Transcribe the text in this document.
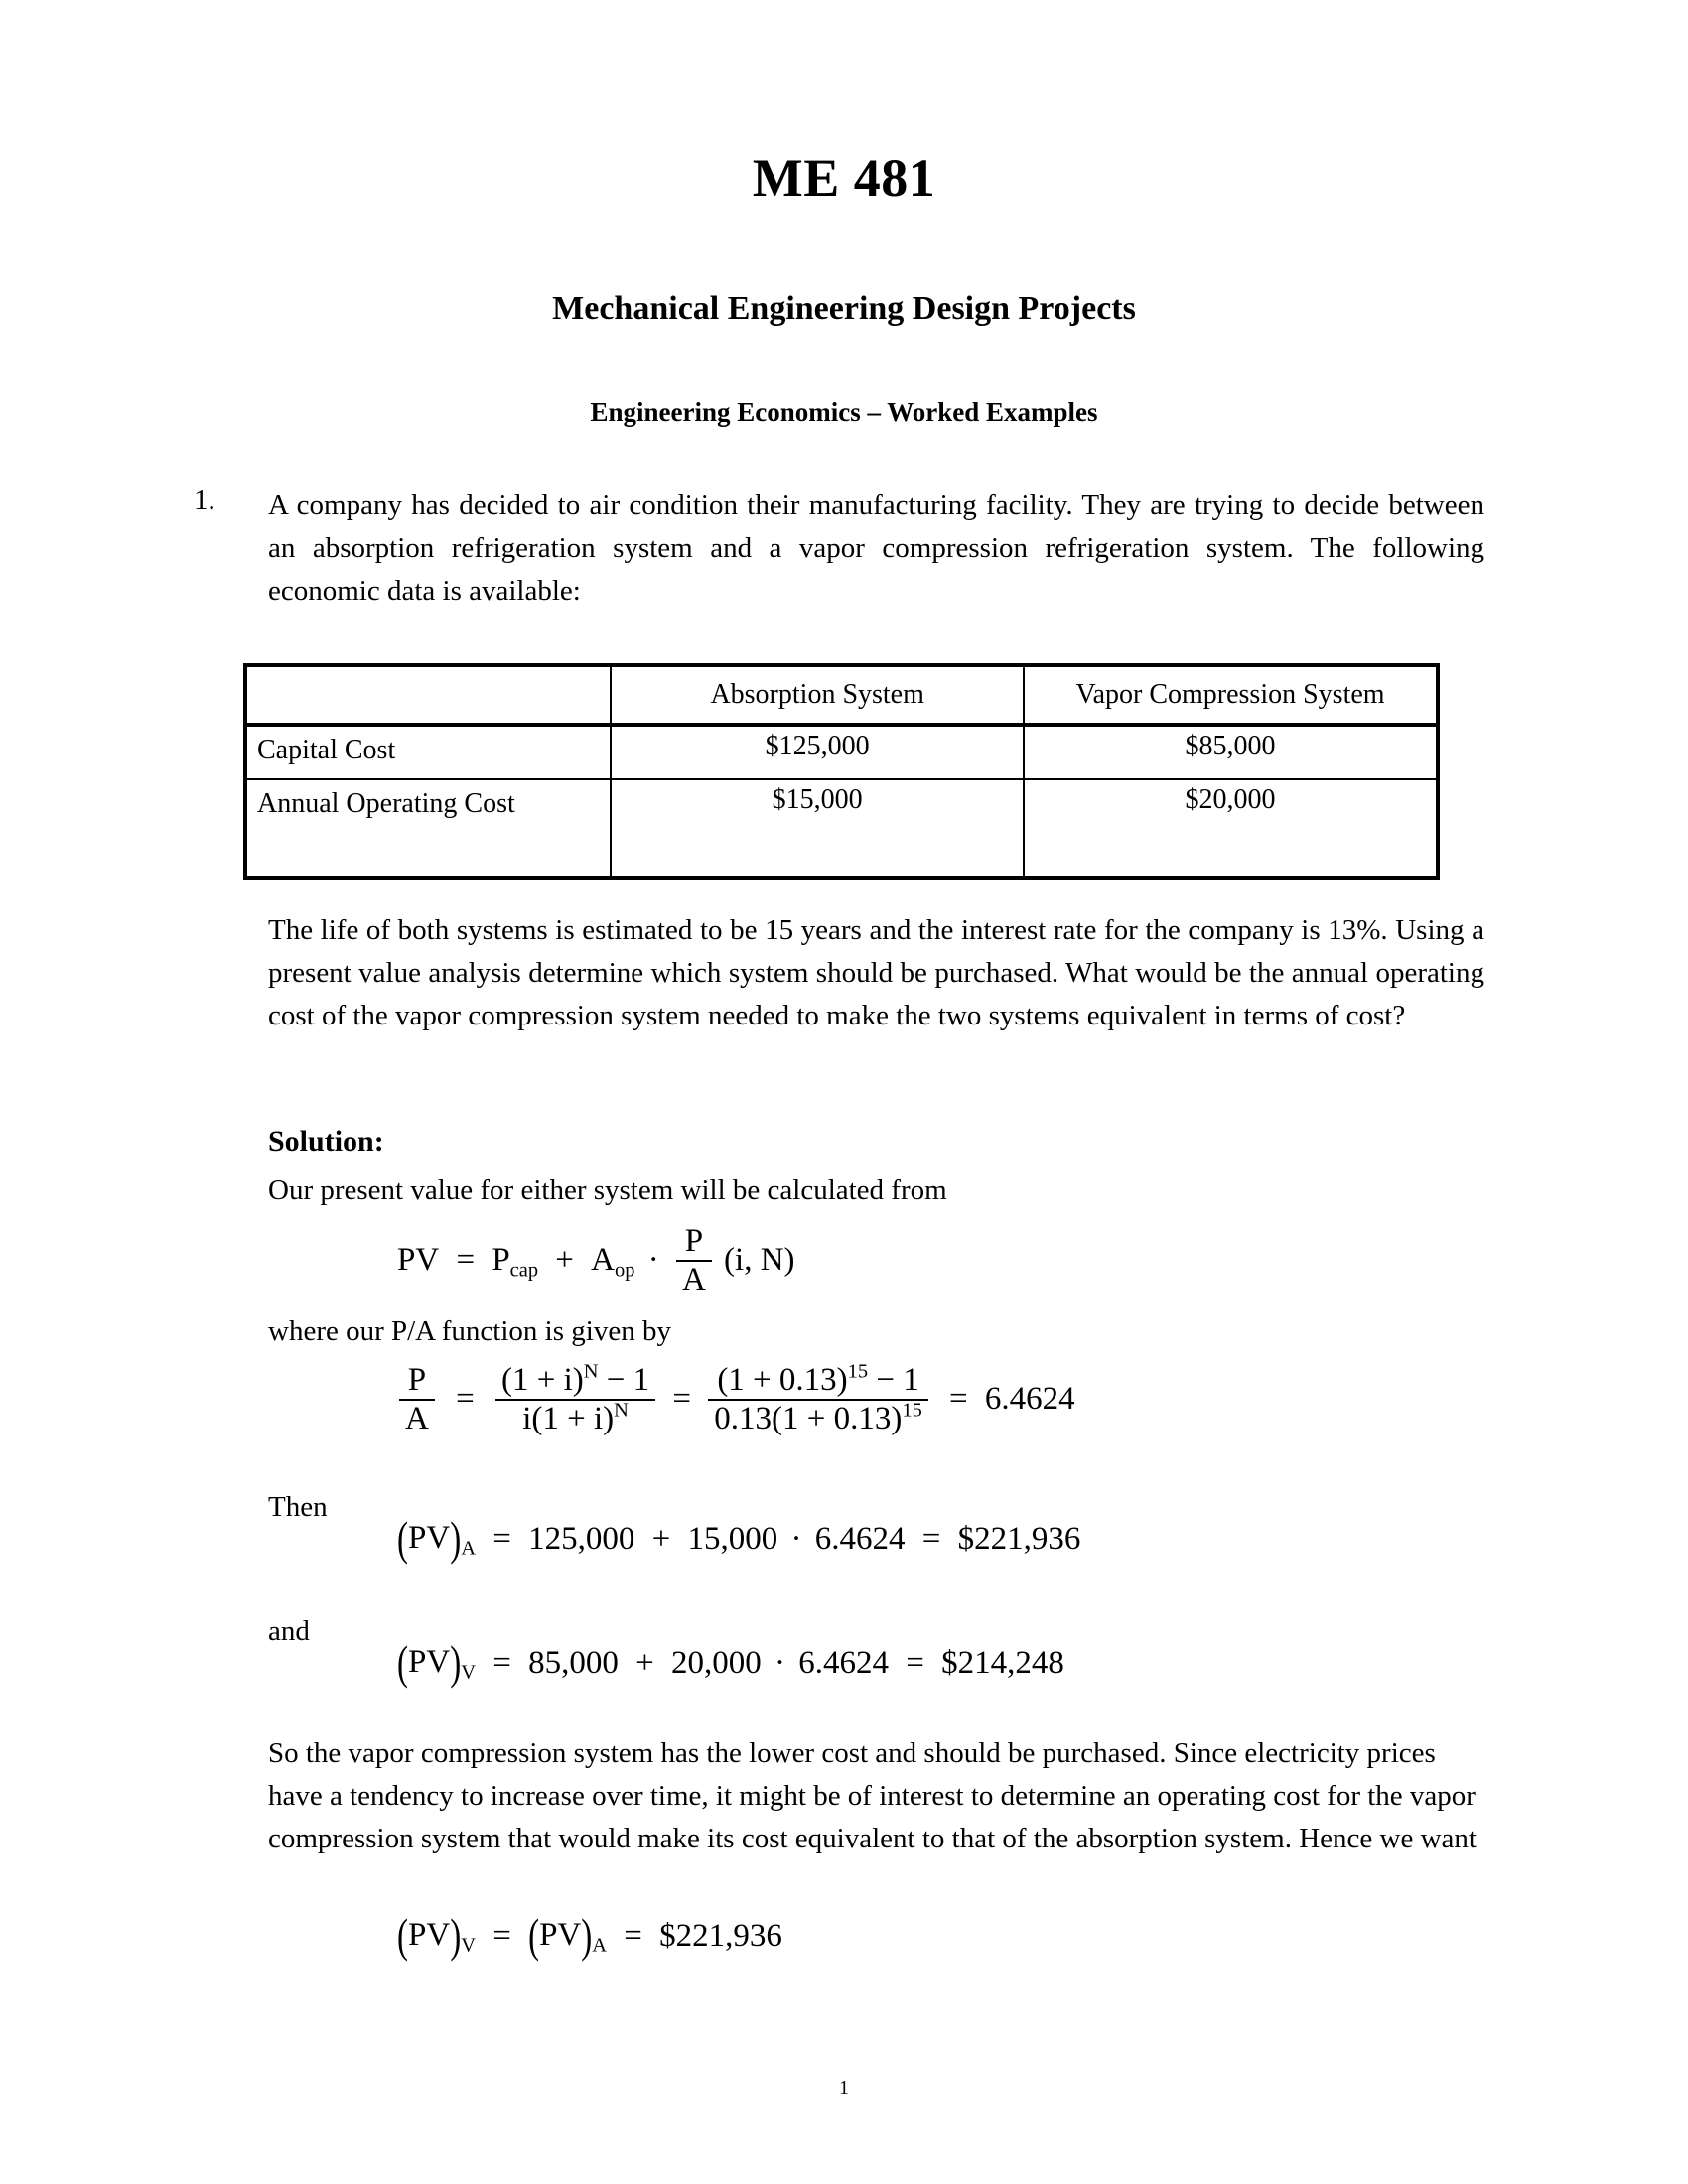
ME 481
Mechanical Engineering Design Projects
Engineering Economics – Worked Examples
1. A company has decided to air condition their manufacturing facility. They are trying to decide between an absorption refrigeration system and a vapor compression refrigeration system. The following economic data is available:
	Absorption System	Vapor Compression System
Capital Cost	$125,000	$85,000
Annual Operating Cost	$15,000	$20,000
The life of both systems is estimated to be 15 years and the interest rate for the company is 13%. Using a present value analysis determine which system should be purchased. What would be the annual operating cost of the vapor compression system needed to make the two systems equivalent in terms of cost?
Solution:
Our present value for either system will be calculated from
PV = $P_{cap} + A_{op} \cdot \frac{P}{A} (i$, N)
where our P/A function is given by
$\frac{P}{A} = \frac{(1 + i)^N - 1}{i(1 + i)^N} = \frac{(1 + 0.13)^{15} - 1}{0.13(1 + 0.13)^{15}} = 6.4624$
Then
$(PV)_A = 125,000 + 15,000 \cdot 6.4624$ = $221,936
and
$(PV)_V = 85,000 + 20,000 \cdot 6.4624$ = $214,248
So the vapor compression system has the lower cost and should be purchased. Since electricity prices have a tendency to increase over time, it might be of interest to determine an operating cost for the vapor compression system that would make its cost equivalent to that of the absorption system. Hence we want
$(PV)_V = (PV)_A$ = $221,936
1
